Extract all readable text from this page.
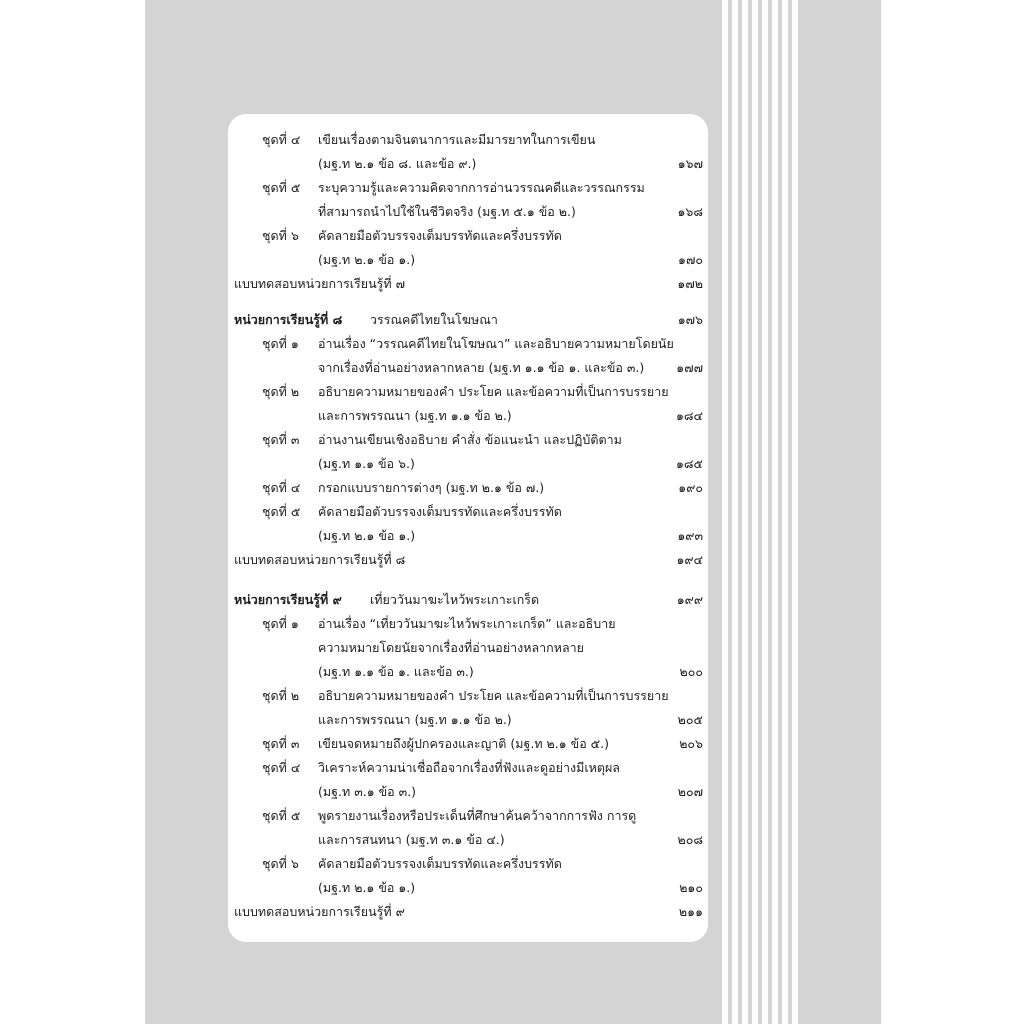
ชุดที่ ๔ เขียนเรื่องตามจินตนาการและมีมารยาทในการเขียน
(มฐ.ท ๒.๑ ข้อ ๘. และข้อ ๙.)	๑๖๗
ชุดที่ ๕ ระบุความรู้และความคิดจากการอ่านวรรณคดีและวรรณกรรม
ที่สามารถนำไปใช้ในชีวิตจริง (มฐ.ท ๕.๑ ข้อ ๒.)	๑๖๘
ชุดที่ ๖ คัดลายมือตัวบรรจงเต็มบรรทัดและครึ่งบรรทัด
(มฐ.ท ๒.๑ ข้อ ๑.)	๑๗๐
แบบทดสอบหน่วยการเรียนรู้ที่ ๗	๑๗๒
หน่วยการเรียนรู้ที่ ๘ วรรณคดีไทยในโฆษณา	๑๗๖
ชุดที่ ๑ อ่านเรื่อง “วรรณคดีไทยในโฆษณา” และอธิบายความหมายโดยนัย
จากเรื่องที่อ่านอย่างหลากหลาย (มฐ.ท ๑.๑ ข้อ ๑. และข้อ ๓.)	๑๗๗
ชุดที่ ๒ อธิบายความหมายของคำ ประโยค และข้อความที่เป็นการบรรยาย
และการพรรณนา (มฐ.ท ๑.๑ ข้อ ๒.)	๑๘๔
ชุดที่ ๓ อ่านงานเขียนเชิงอธิบาย คำสั่ง ข้อแนะนำ และปฏิบัติตาม
(มฐ.ท ๑.๑ ข้อ ๖.)	๑๘๕
ชุดที่ ๔ กรอกแบบรายการต่างๆ (มฐ.ท ๒.๑ ข้อ ๗.)	๑๙๐
ชุดที่ ๕ คัดลายมือตัวบรรจงเต็มบรรทัดและครึ่งบรรทัด
(มฐ.ท ๒.๑ ข้อ ๑.)	๑๙๓
แบบทดสอบหน่วยการเรียนรู้ที่ ๘	๑๙๔
หน่วยการเรียนรู้ที่ ๙ เที่ยววันมาฆะไหว้พระเกาะเกร็ด	๑๙๙
ชุดที่ ๑ อ่านเรื่อง “เที่ยววันมาฆะไหว้พระเกาะเกร็ด” และอธิบาย
ความหมายโดยนัยจากเรื่องที่อ่านอย่างหลากหลาย
(มฐ.ท ๑.๑ ข้อ ๑. และข้อ ๓.)	๒๐๐
ชุดที่ ๒ อธิบายความหมายของคำ ประโยค และข้อความที่เป็นการบรรยาย
และการพรรณนา (มฐ.ท ๑.๑ ข้อ ๒.)	๒๐๕
ชุดที่ ๓ เขียนจดหมายถึงผู้ปกครองและญาติ (มฐ.ท ๒.๑ ข้อ ๕.)	๒๐๖
ชุดที่ ๔ วิเคราะห์ความน่าเชื่อถือจากเรื่องที่ฟังและดูอย่างมีเหตุผล
(มฐ.ท ๓.๑ ข้อ ๓.)	๒๐๗
ชุดที่ ๕ พูดรายงานเรื่องหรือประเด็นที่ศึกษาค้นคว้าจากการฟัง การดู
และการสนทนา (มฐ.ท ๓.๑ ข้อ ๔.)	๒๐๘
ชุดที่ ๖ คัดลายมือตัวบรรจงเต็มบรรทัดและครึ่งบรรทัด
(มฐ.ท ๒.๑ ข้อ ๑.)	๒๑๐
แบบทดสอบหน่วยการเรียนรู้ที่ ๙	๒๑๑
